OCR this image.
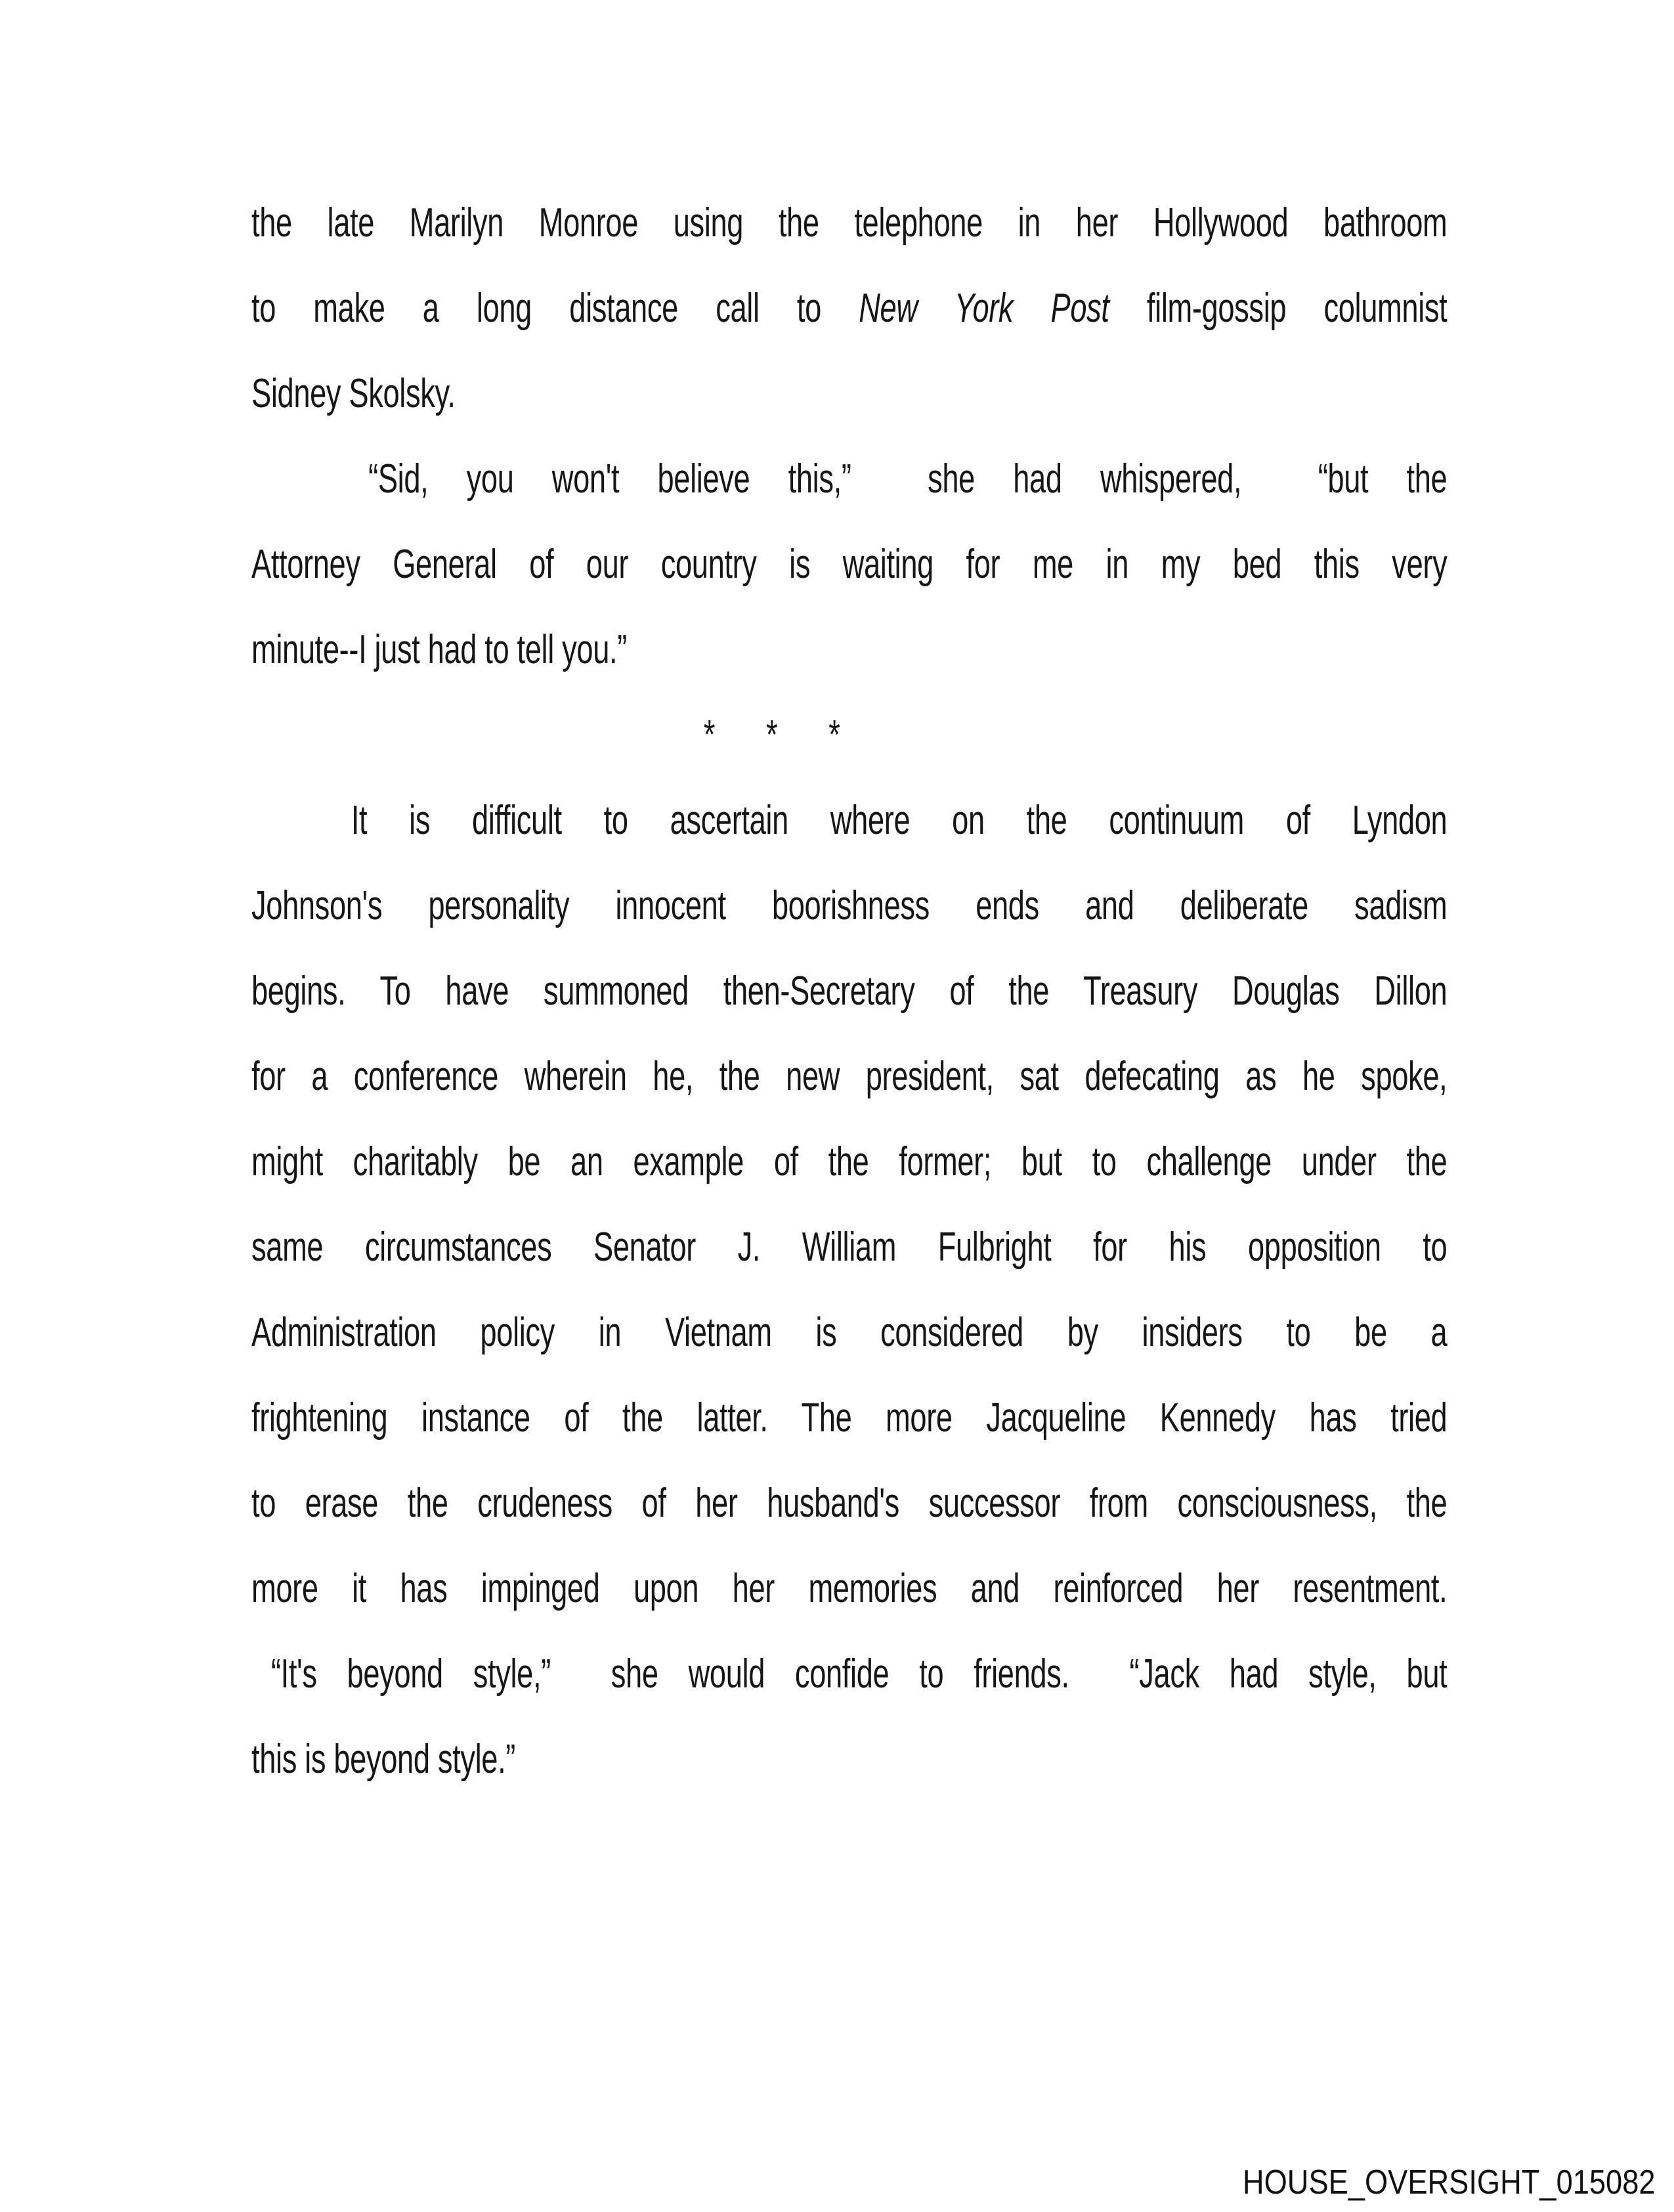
the late Marilyn Monroe using the telephone in her Hollywood bathroom
to make a long distance call to New York Post film-gossip columnist
Sidney Skolsky.
“Sid, you won't believe this,”  she had whispered,  “but the
Attorney General of our country is waiting for me in my bed this very
minute--I just had to tell you.”
* * *
It is difficult to ascertain where on the continuum of Lyndon
Johnson's personality innocent boorishness ends and deliberate sadism
begins. To have summoned then-Secretary of the Treasury Douglas Dillon
for a conference wherein he, the new president, sat defecating as he spoke,
might charitably be an example of the former; but to challenge under the
same circumstances Senator J. William Fulbright for his opposition to
Administration policy in Vietnam is considered by insiders to be a
frightening instance of the latter. The more Jacqueline Kennedy has tried
to erase the crudeness of her husband's successor from consciousness, the
more it has impinged upon her memories and reinforced her resentment.
“It's beyond style,”  she would confide to friends.  “Jack had style, but
this is beyond style.”
HOUSE_OVERSIGHT_015082
